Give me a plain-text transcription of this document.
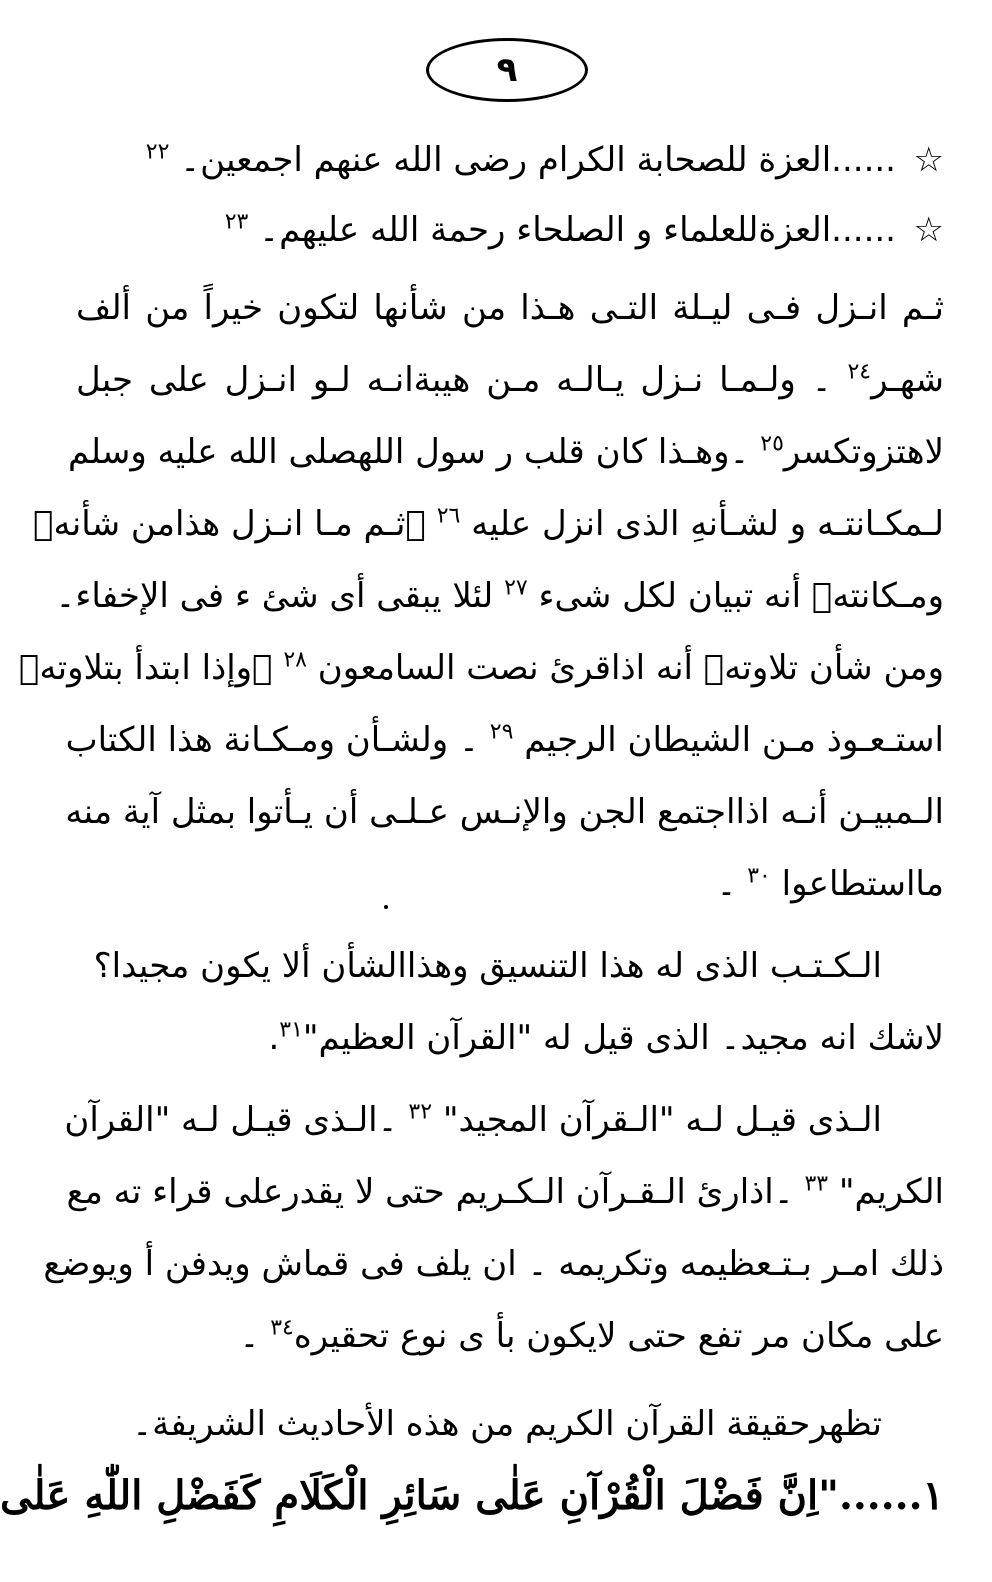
٩
☆
......العزة للصحابة الكرام رضى الله عنهم اجمعين۔ $^{٢٢}$
☆
......العزةللعلماء و الصلحاء رحمة الله عليهم۔ $^{٢٣}$
ثـم انـزل فـى ليـلة التـى هـذا من شأنها لتكون خيراً من ألف
شهـر$^{٢٤}$ ۔ ولـمـا نـزل يـالـه مـن هيبةانـه لـو انـزل على جبل
لاهتزوتكسر$^{٢٥}$ ۔وهـذا كان قلب ر سول اللهصلى الله عليه وسلم
لـمكـانتـه و لشـأنهِ الذى انزل عليه $^{٢٦}$ ۔ثـم مـا انـزل هذامن شأنهٖ
ومـكانتهٖ أنه تبيان لكل شىء $^{٢٧}$ لئلا يبقى أى شئ ء فى الإخفاء۔
ومن شأن تلاوتهٖ أنه اذاقرئ نصت السامعون $^{٢٨}$ ۔وإذا ابتدأ بتلاوتهٖ
استـعـوذ مـن الشيطان الرجيم $^{٢٩}$ ۔ ولشـأن ومـكـانة هذا الكتاب
الـمبيـن أنـه اذااجتمع الجن والإنـس عـلـى أن يـأتوا بمثل آية منه
مااستطاعوا $^{٣٠}$ ۔
الـكـتـب الذى له هذا التنسيق وهذاالشأن ألا يكون مجيدا؟
لاشك انه مجيد۔ الذى قيل له "القرآن العظيم"$^{٣١}$.
الـذى قيـل لـه "الـقرآن المجيد" $^{٣٢}$ ۔الـذى قيـل لـه "القرآن
الكريم" $^{٣٣}$ ۔اذارئ الـقـرآن الـكـريم حتى لا يقدرعلى قراء ته مع
ذلك امـر بـتـعظيمه وتكريمه ۔ ان يلف فى قماش ويدفن أ ويوضع
على مكان مر تفع حتى لايكون بأ ى نوع تحقيره$^{٣٤}$ ۔
تظهرحقيقة القرآن الكريم من هذه الأحاديث الشريفة۔
١......"اِنَّ فَضْلَ الْقُرْآنِ عَلٰى سَائِرِ الْكَلَامِ كَفَضْلِ اللّٰهِ عَلٰى
